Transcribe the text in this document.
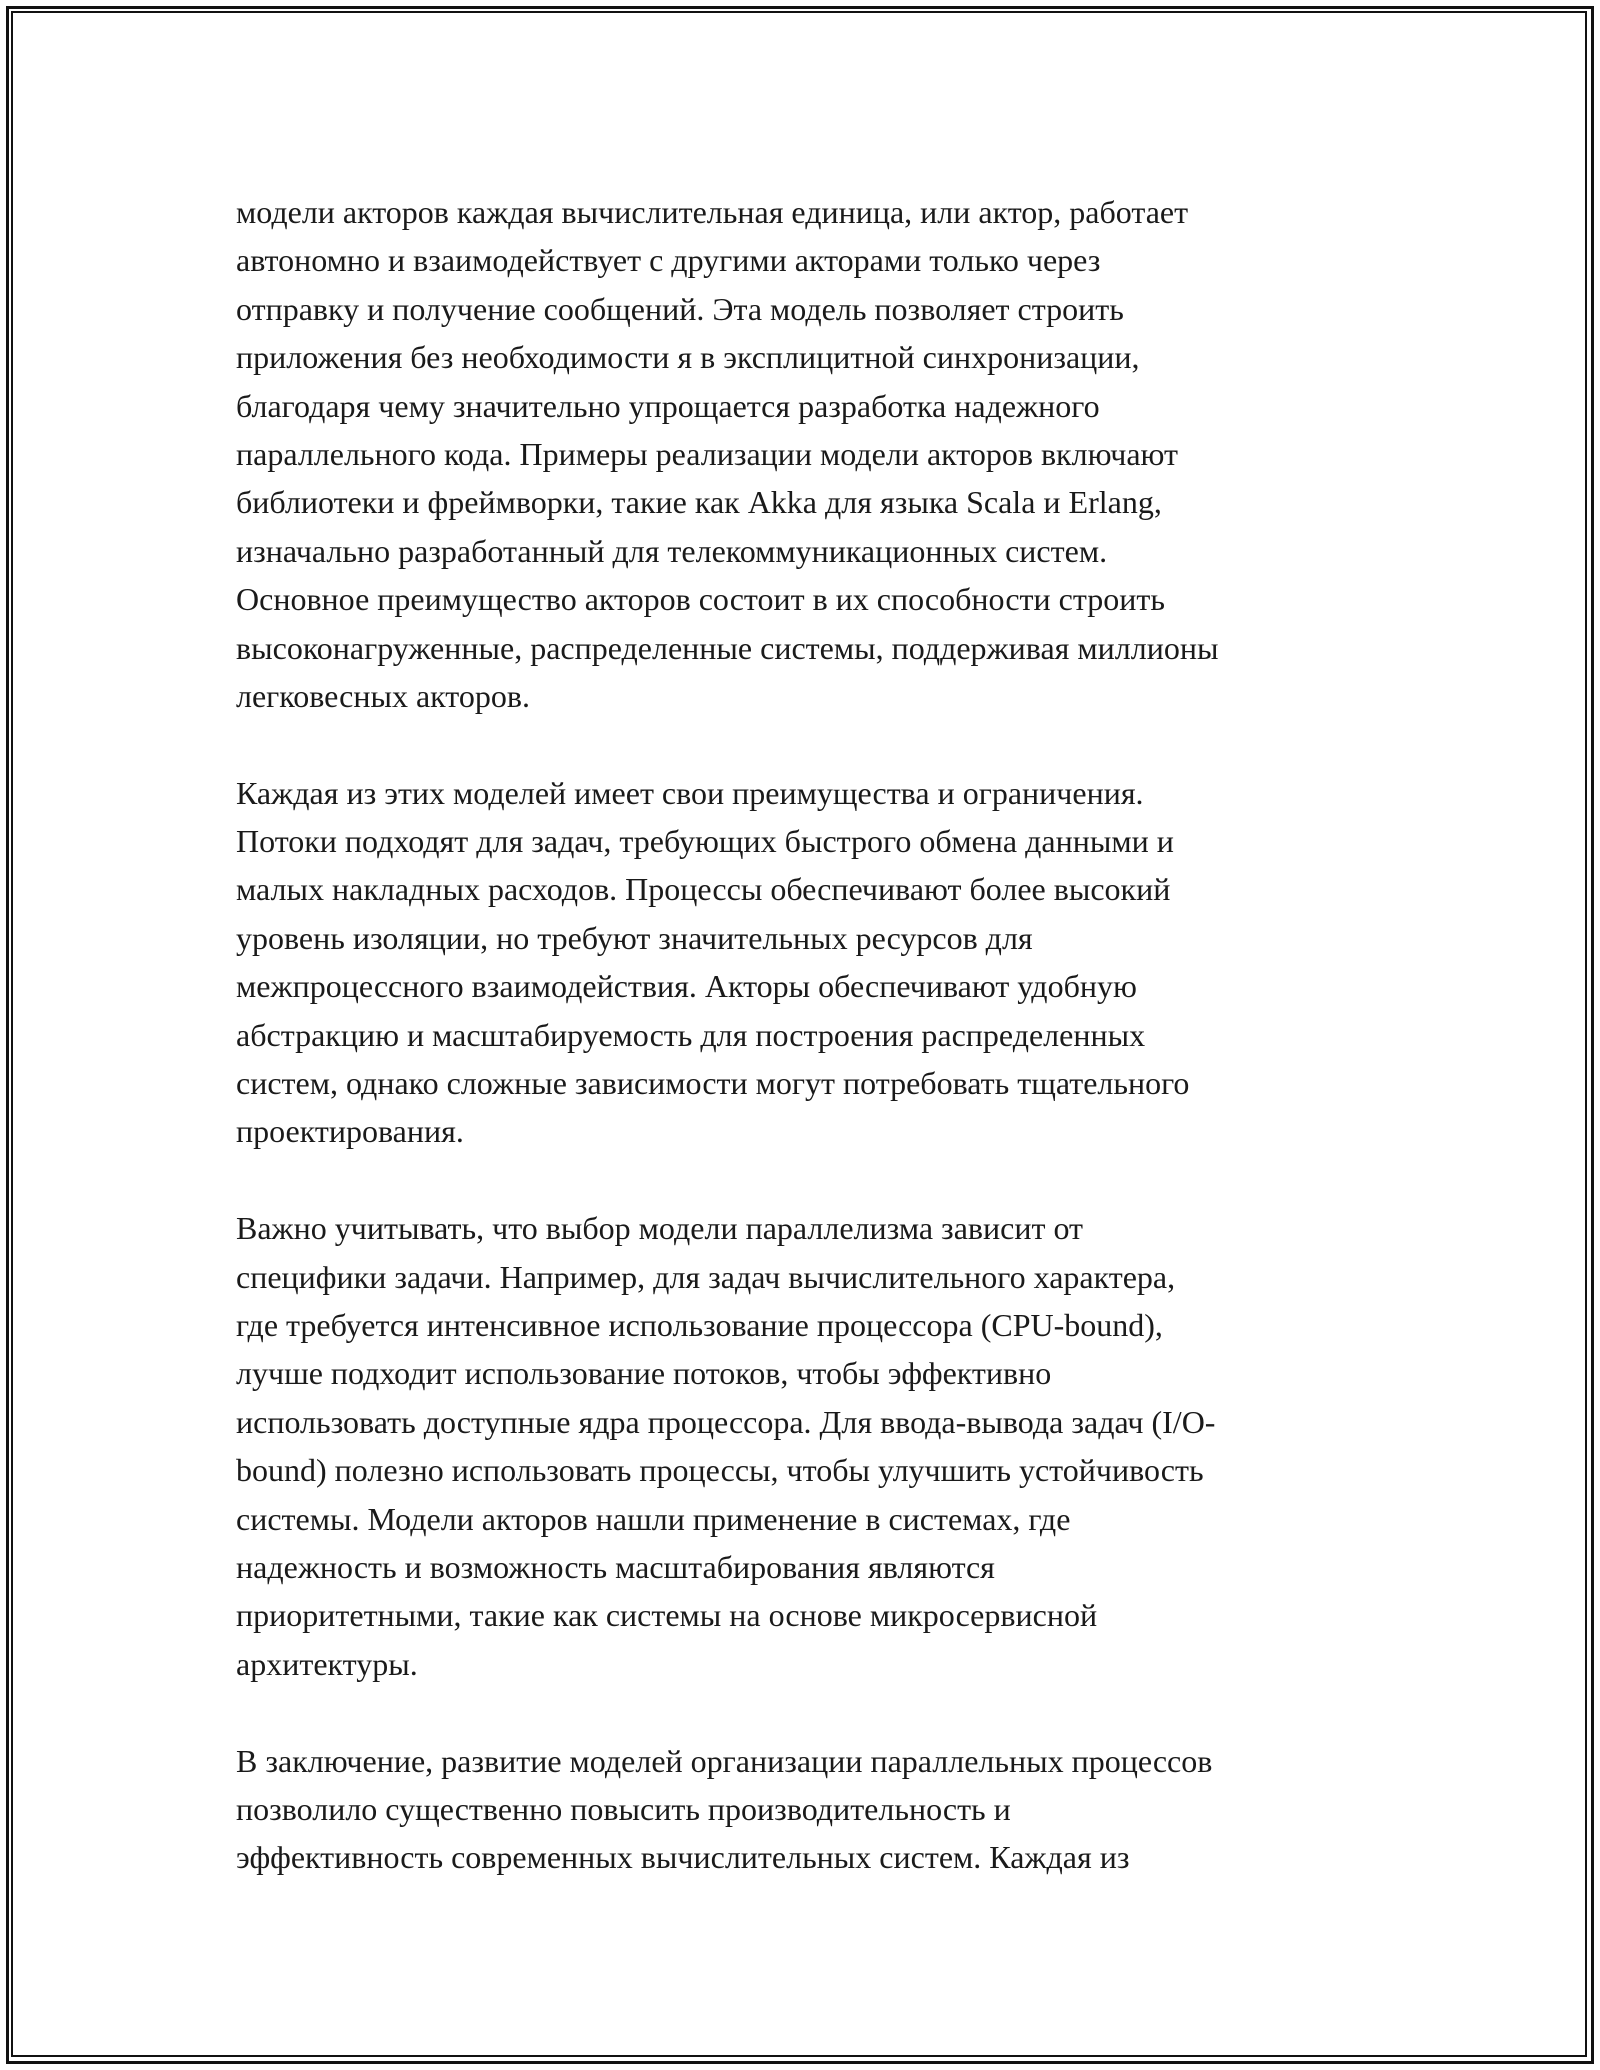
модели акторов каждая вычислительная единица, или актор, работает
автономно и взаимодействует с другими акторами только через
отправку и получение сообщений. Эта модель позволяет строить
приложения без необходимости я в эксплицитной синхронизации,
благодаря чему значительно упрощается разработка надежного
параллельного кода. Примеры реализации модели акторов включают
библиотеки и фреймворки, такие как Akka для языка Scala и Erlang,
изначально разработанный для телекоммуникационных систем.
Основное преимущество акторов состоит в их способности строить
высоконагруженные, распределенные системы, поддерживая миллионы
легковесных акторов.

Каждая из этих моделей имеет свои преимущества и ограничения.
Потоки подходят для задач, требующих быстрого обмена данными и
малых накладных расходов. Процессы обеспечивают более высокий
уровень изоляции, но требуют значительных ресурсов для
межпроцессного взаимодействия. Акторы обеспечивают удобную
абстракцию и масштабируемость для построения распределенных
систем, однако сложные зависимости могут потребовать тщательного
проектирования.

Важно учитывать, что выбор модели параллелизма зависит от
специфики задачи. Например, для задач вычислительного характера,
где требуется интенсивное использование процессора (CPU-bound),
лучше подходит использование потоков, чтобы эффективно
использовать доступные ядра процессора. Для ввода-вывода задач (I/O-
bound) полезно использовать процессы, чтобы улучшить устойчивость
системы. Модели акторов нашли применение в системах, где
надежность и возможность масштабирования являются
приоритетными, такие как системы на основе микросервисной
архитектуры.

В заключение, развитие моделей организации параллельных процессов
позволило существенно повысить производительность и
эффективность современных вычислительных систем. Каждая из
